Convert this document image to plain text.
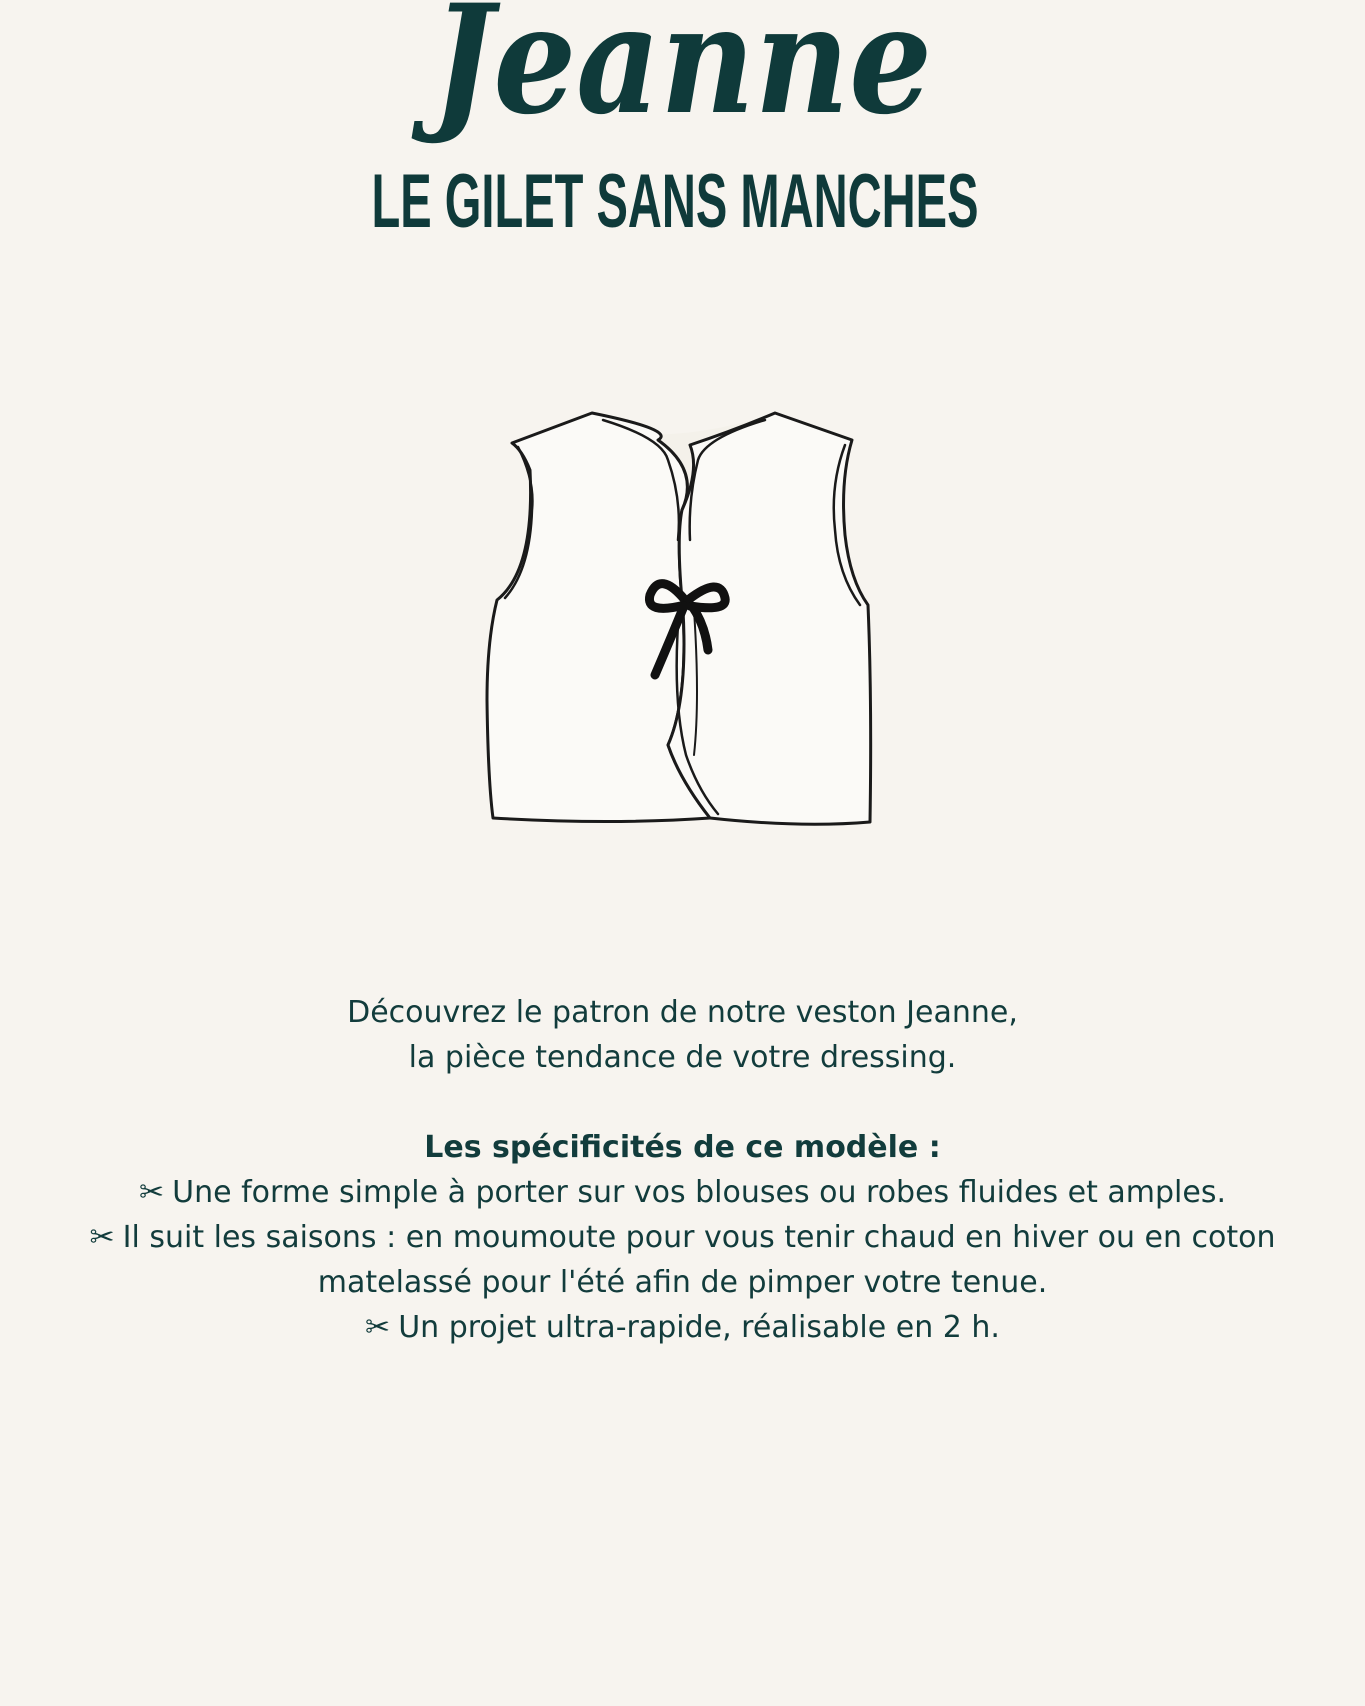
Jeanne
LE GILET SANS MANCHES
Découvrez le patron de notre veston Jeanne,
la pièce tendance de votre dressing.
Les spécificités de ce modèle :
✂ Une forme simple à porter sur vos blouses ou robes fluides et amples.
✂ Il suit les saisons : en moumoute pour vous tenir chaud en hiver ou en coton matelassé pour l'été afin de pimper votre tenue.
✂ Un projet ultra-rapide, réalisable en 2 h.
